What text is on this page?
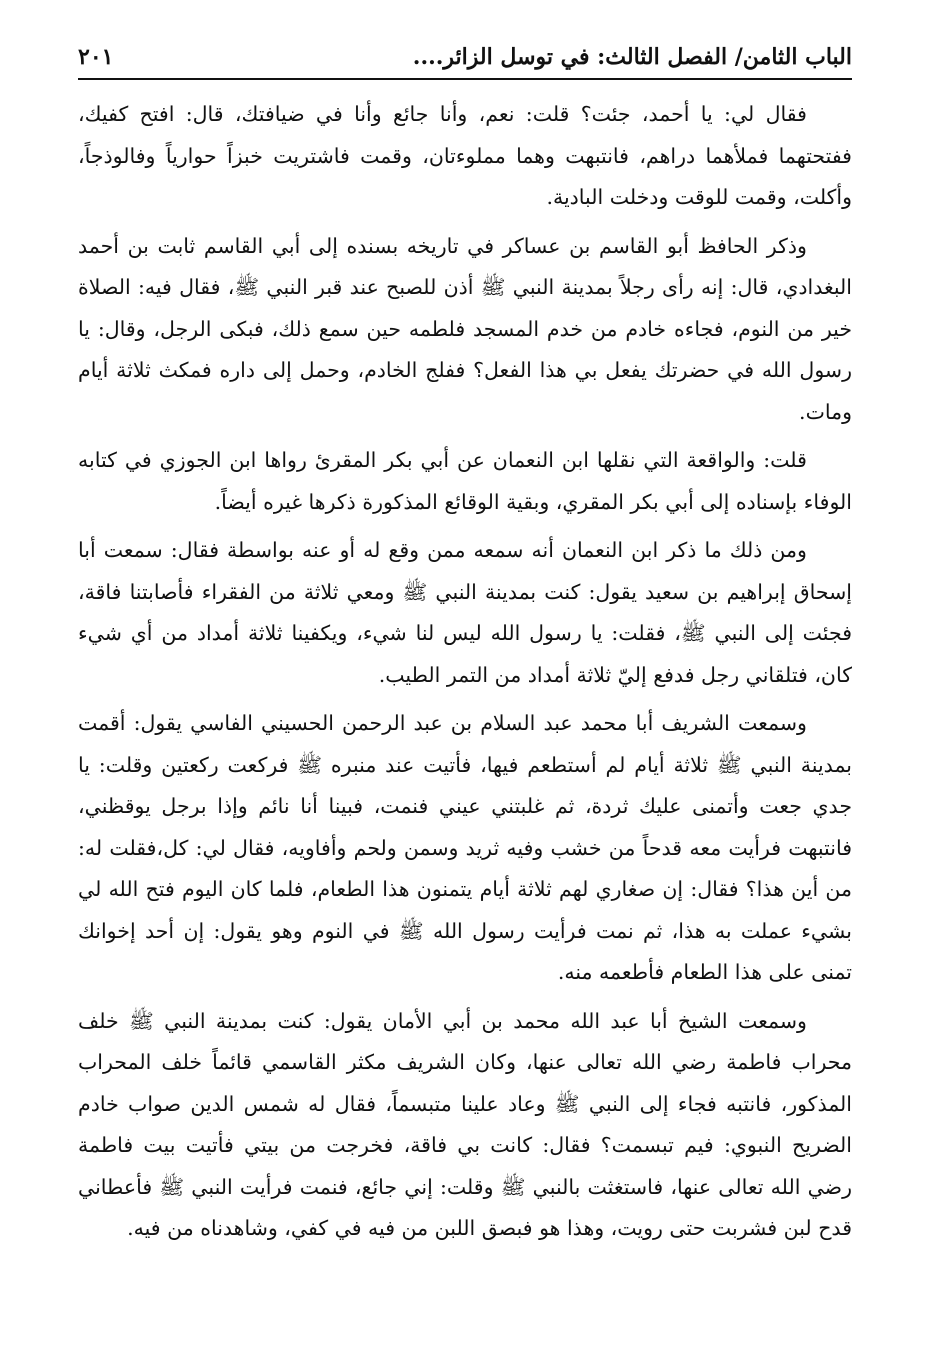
الباب الثامن/ الفصل الثالث: في توسل الزائر....
٢٠١

فقال لي: يا أحمد، جئت؟ قلت: نعم، وأنا جائع وأنا في ضيافتك، قال: افتح كفيك، ففتحتهما فملأهما دراهم، فانتبهت وهما مملوءتان، وقمت فاشتريت خبزاً حوارياً وفالوذجاً، وأكلت، وقمت للوقت ودخلت البادية.

وذكر الحافظ أبو القاسم بن عساكر في تاريخه بسنده إلى أبي القاسم ثابت بن أحمد البغدادي، قال: إنه رأى رجلاً بمدينة النبي ﷺ أذن للصبح عند قبر النبي ﷺ، فقال فيه: الصلاة خير من النوم، فجاءه خادم من خدم المسجد فلطمه حين سمع ذلك، فبكى الرجل، وقال: يا رسول الله في حضرتك يفعل بي هذا الفعل؟ ففلج الخادم، وحمل إلى داره فمكث ثلاثة أيام ومات.

قلت: والواقعة التي نقلها ابن النعمان عن أبي بكر المقرئ رواها ابن الجوزي في كتابه الوفاء بإسناده إلى أبي بكر المقري، وبقية الوقائع المذكورة ذكرها غيره أيضاً.

ومن ذلك ما ذكر ابن النعمان أنه سمعه ممن وقع له أو عنه بواسطة فقال: سمعت أبا إسحاق إبراهيم بن سعيد يقول: كنت بمدينة النبي ﷺ ومعي ثلاثة من الفقراء فأصابتنا فاقة، فجئت إلى النبي ﷺ، فقلت: يا رسول الله ليس لنا شيء، ويكفينا ثلاثة أمداد من أي شيء كان، فتلقاني رجل فدفع إليّ ثلاثة أمداد من التمر الطيب.

وسمعت الشريف أبا محمد عبد السلام بن عبد الرحمن الحسيني الفاسي يقول: أقمت بمدينة النبي ﷺ ثلاثة أيام لم أستطعم فيها، فأتيت عند منبره ﷺ فركعت ركعتين وقلت: يا جدي جعت وأتمنى عليك ثردة، ثم غلبتني عيني فنمت، فبينا أنا نائم وإذا برجل يوقظني، فانتبهت فرأيت معه قدحاً من خشب وفيه ثريد وسمن ولحم وأفاويه، فقال لي: كل،فقلت له: من أين هذا؟ فقال: إن صغاري لهم ثلاثة أيام يتمنون هذا الطعام، فلما كان اليوم فتح الله لي بشيء عملت به هذا، ثم نمت فرأيت رسول الله ﷺ في النوم وهو يقول: إن أحد إخوانك تمنى على هذا الطعام فأطعمه منه.

وسمعت الشيخ أبا عبد الله محمد بن أبي الأمان يقول: كنت بمدينة النبي ﷺ خلف محراب فاطمة رضي الله تعالى عنها، وكان الشريف مكثر القاسمي قائماً خلف المحراب المذكور، فانتبه فجاء إلى النبي ﷺ وعاد علينا متبسماً، فقال له شمس الدين صواب خادم الضريح النبوي: فيم تبسمت؟ فقال: كانت بي فاقة، فخرجت من بيتي فأتيت بيت فاطمة رضي الله تعالى عنها، فاستغثت بالنبي ﷺ وقلت: إني جائع، فنمت فرأيت النبي ﷺ فأعطاني قدح لبن فشربت حتى رويت، وهذا هو فبصق اللبن من فيه في كفي، وشاهدناه من فيه.
